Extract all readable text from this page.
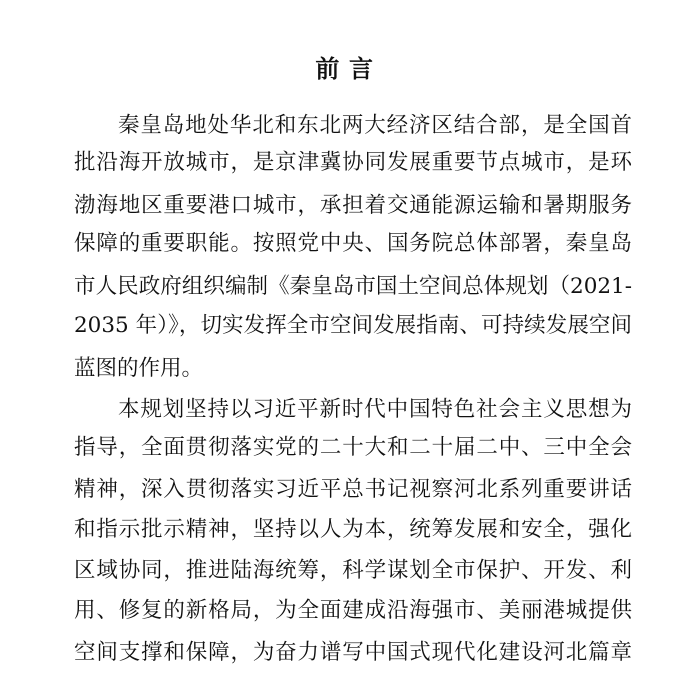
前言
秦皇岛地处华北和东北两大经济区结合部，是全国首
批沿海开放城市，是京津冀协同发展重要节点城市，是环
渤海地区重要港口城市，承担着交通能源运输和暑期服务
保障的重要职能。按照党中央、国务院总体部署，秦皇岛
市人民政府组织编制《秦皇岛市国土空间总体规划（2021-
2035 年）》，切实发挥全市空间发展指南、可持续发展空间
蓝图的作用。
本规划坚持以习近平新时代中国特色社会主义思想为
指导，全面贯彻落实党的二十大和二十届二中、三中全会
精神，深入贯彻落实习近平总书记视察河北系列重要讲话
和指示批示精神，坚持以人为本，统筹发展和安全，强化
区域协同，推进陆海统筹，科学谋划全市保护、开发、利
用、修复的新格局，为全面建成沿海强市、美丽港城提供
空间支撑和保障，为奋力谱写中国式现代化建设河北篇章
